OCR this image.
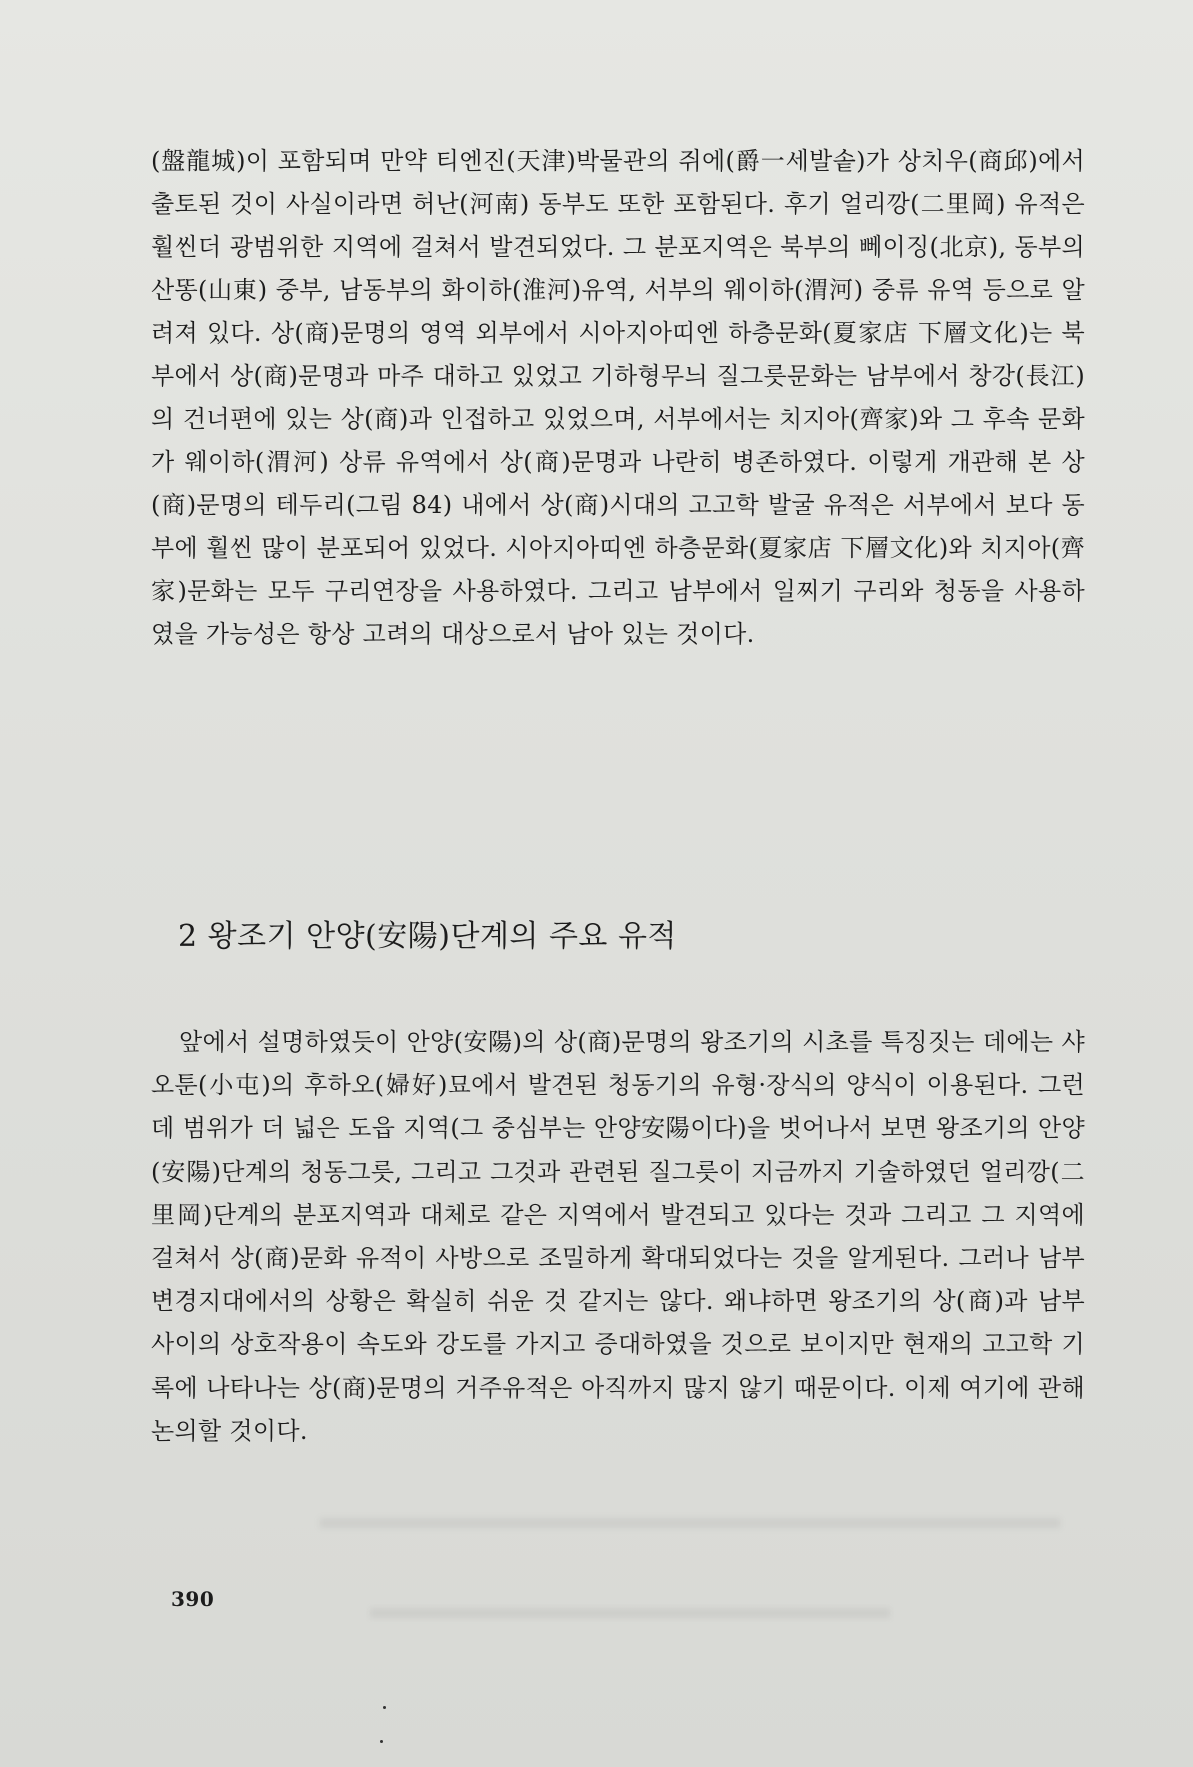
(盤龍城)이 포함되며 만약 티엔진(天津)박물관의 쥐에(爵一세발솥)가 상치우(商邱)에서 출토된 것이 사실이라면 허난(河南) 동부도 또한 포함된다. 후기 얼리깡(二里岡) 유적은 훨씬더 광범위한 지역에 걸쳐서 발견되었다. 그 분포지역은 북부의 뻬이징(北京), 동부의 산똥(山東) 중부, 남동부의 화이하(淮河)유역, 서부의 웨이하(渭河) 중류 유역 등으로 알려져 있다. 상(商)문명의 영역 외부에서 시아지아띠엔 하층문화(夏家店 下層文化)는 북부에서 상(商)문명과 마주 대하고 있었고 기하형무늬 질그릇문화는 남부에서 창강(長江)의 건너편에 있는 상(商)과 인접하고 있었으며, 서부에서는 치지아(齊家)와 그 후속 문화가 웨이하(渭河) 상류 유역에서 상(商)문명과 나란히 병존하였다. 이렇게 개관해 본 상(商)문명의 테두리(그림 84) 내에서 상(商)시대의 고고학 발굴 유적은 서부에서 보다 동부에 훨씬 많이 분포되어 있었다. 시아지아띠엔 하층문화(夏家店 下層文化)와 치지아(齊家)문화는 모두 구리연장을 사용하였다. 그리고 남부에서 일찌기 구리와 청동을 사용하였을 가능성은 항상 고려의 대상으로서 남아 있는 것이다.

2 왕조기 안양(安陽)단계의 주요 유적

앞에서 설명하였듯이 안양(安陽)의 상(商)문명의 왕조기의 시초를 특징짓는 데에는 샤오툰(小屯)의 후하오(婦好)묘에서 발견된 청동기의 유형·장식의 양식이 이용된다. 그런데 범위가 더 넓은 도읍 지역(그 중심부는 안양安陽이다)을 벗어나서 보면 왕조기의 안양(安陽)단계의 청동그릇, 그리고 그것과 관련된 질그릇이 지금까지 기술하였던 얼리깡(二里岡)단계의 분포지역과 대체로 같은 지역에서 발견되고 있다는 것과 그리고 그 지역에 걸쳐서 상(商)문화 유적이 사방으로 조밀하게 확대되었다는 것을 알게된다. 그러나 남부 변경지대에서의 상황은 확실히 쉬운 것 같지는 않다. 왜냐하면 왕조기의 상(商)과 남부 사이의 상호작용이 속도와 강도를 가지고 증대하였을 것으로 보이지만 현재의 고고학 기록에 나타나는 상(商)문명의 거주유적은 아직까지 많지 않기 때문이다. 이제 여기에 관해 논의할 것이다.

390
